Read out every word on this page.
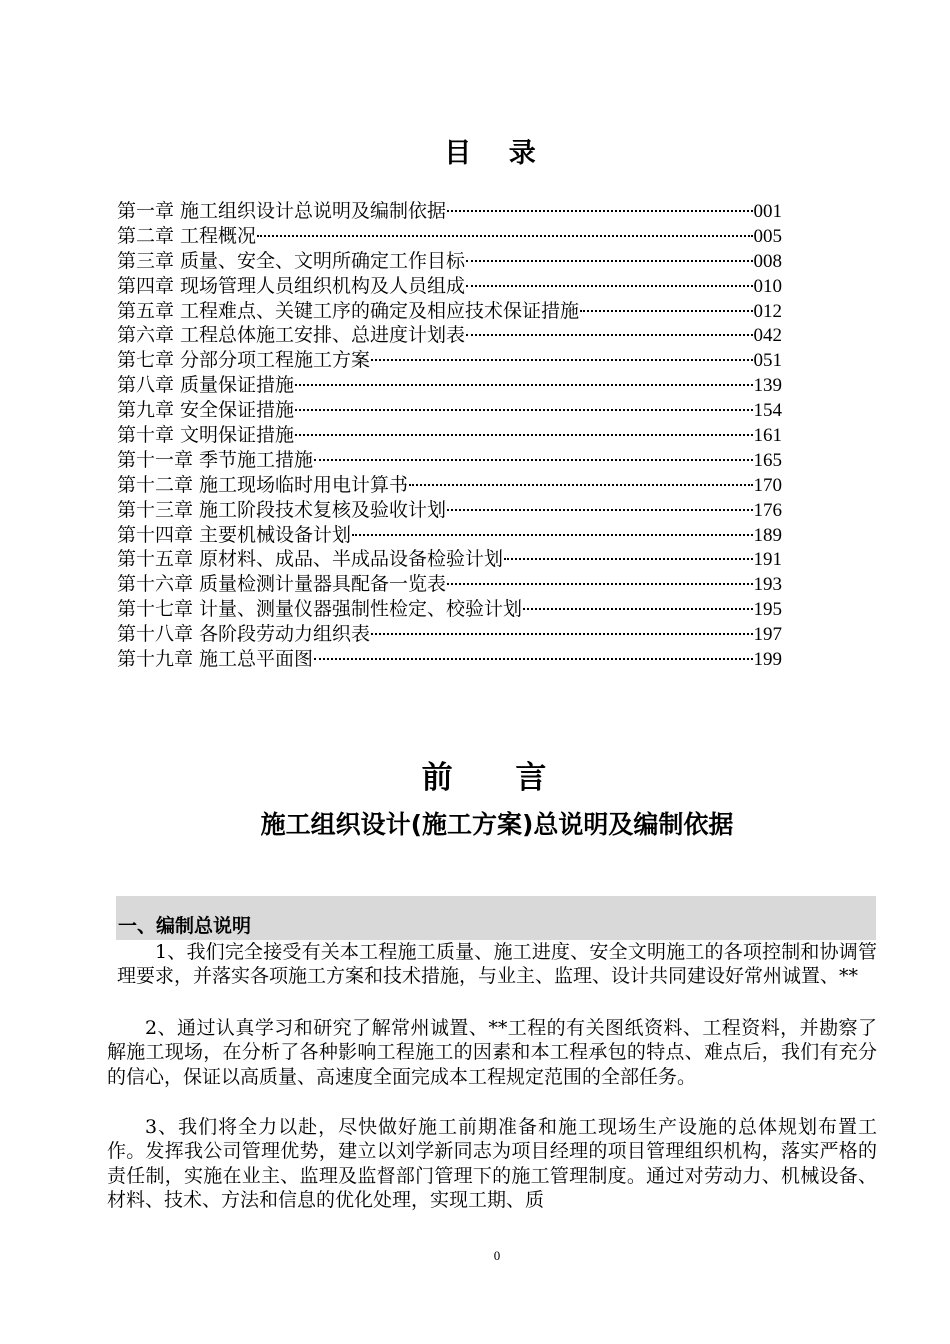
目 录
第一章 施工组织设计总说明及编制依据	001
第二章 工程概况	005
第三章 质量、安全、文明所确定工作目标	008
第四章 现场管理人员组织机构及人员组成	010
第五章 工程难点、关键工序的确定及相应技术保证措施	012
第六章 工程总体施工安排、总进度计划表	042
第七章 分部分项工程施工方案	051
第八章 质量保证措施	139
第九章 安全保证措施	154
第十章 文明保证措施	161
第十一章 季节施工措施	165
第十二章 施工现场临时用电计算书	170
第十三章 施工阶段技术复核及验收计划	176
第十四章 主要机械设备计划	189
第十五章 原材料、成品、半成品设备检验计划	191
第十六章 质量检测计量器具配备一览表	193
第十七章 计量、测量仪器强制性检定、校验计划	195
第十八章 各阶段劳动力组织表	197
第十九章 施工总平面图	199
前 言
施工组织设计(施工方案)总说明及编制依据
一、编制总说明

1、我们完全接受有关本工程施工质量、施工进度、安全文明施工的各项控制和协调管理要求，并落实各项施工方案和技术措施，与业主、监理、设计共同建设好常州诚置、**

2、通过认真学习和研究了解常州诚置、**工程的有关图纸资料、工程资料，并勘察了解施工现场，在分析了各种影响工程施工的因素和本工程承包的特点、难点后，我们有充分的信心，保证以高质量、高速度全面完成本工程规定范围的全部任务。

3、我们将全力以赴，尽快做好施工前期准备和施工现场生产设施的总体规划布置工作。发挥我公司管理优势，建立以刘学新同志为项目经理的项目管理组织机构，落实严格的责任制，实施在业主、监理及监督部门管理下的施工管理制度。通过对劳动力、机械设备、材料、技术、方法和信息的优化处理，实现工期、质

0
